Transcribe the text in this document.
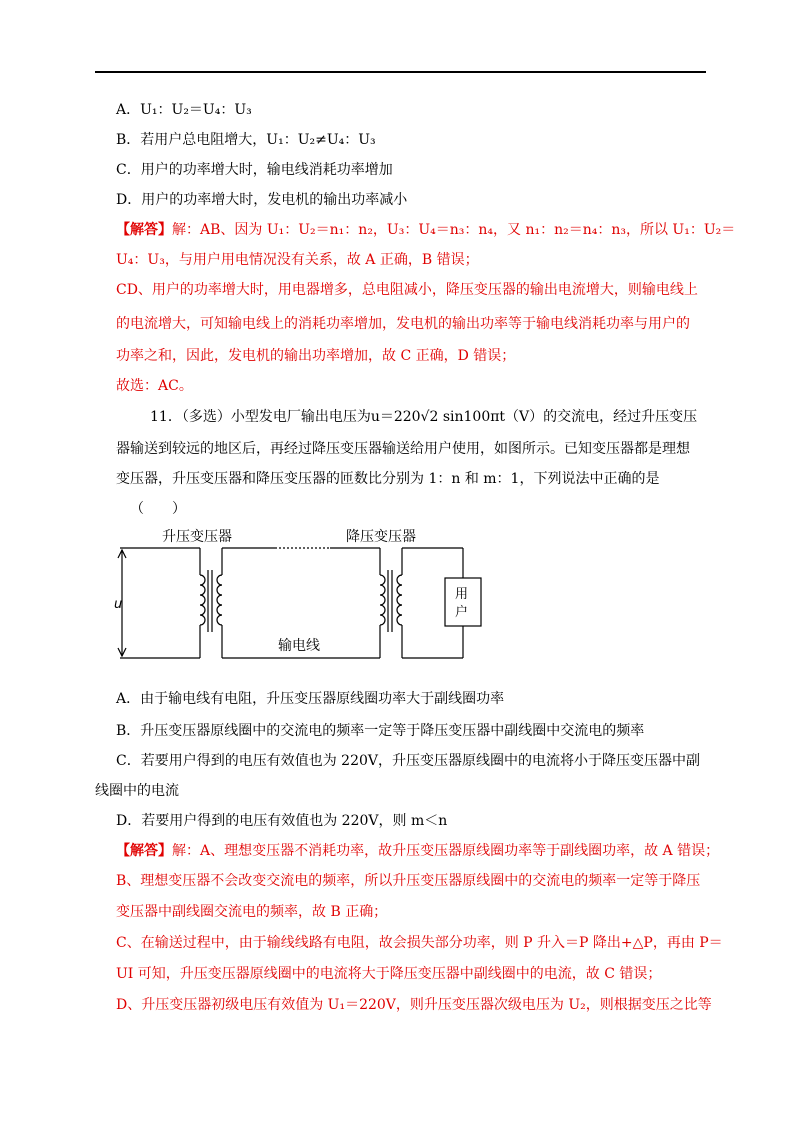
A．U₁：U₂＝U₄：U₃
B．若用户总电阻增大，U₁：U₂≠U₄：U₃
C．用户的功率增大时，输电线消耗功率增加
D．用户的功率增大时，发电机的输出功率减小
【解答】解：AB、因为 U₁：U₂＝n₁：n₂，U₃：U₄＝n₃：n₄，又 n₁：n₂＝n₄：n₃，所以 U₁：U₂＝
U₄：U₃，与用户用电情况没有关系，故 A 正确，B 错误；
CD、用户的功率增大时，用电器增多，总电阻减小，降压变压器的输出电流增大，则输电线上
的电流增大，可知输电线上的消耗功率增加，发电机的输出功率等于输电线消耗功率与用户的
功率之和，因此，发电机的输出功率增加，故 C 正确，D 错误；
故选：AC。
11．（多选）小型发电厂输出电压为u＝220√2 sin100πt（V）的交流电，经过升压变压
器输送到较远的地区后，再经过降压变压器输送给用户使用，如图所示。已知变压器都是理想
变压器，升压变压器和降压变压器的匝数比分别为 1：n 和 m：1，下列说法中正确的是
（　　）
升压变压器	降压变压器
u
输电线
用
户
A．由于输电线有电阻，升压变压器原线圈功率大于副线圈功率
B．升压变压器原线圈中的交流电的频率一定等于降压变压器中副线圈中交流电的频率
C．若要用户得到的电压有效值也为 220V，升压变压器原线圈中的电流将小于降压变压器中副
线圈中的电流
D．若要用户得到的电压有效值也为 220V，则 m＜n
【解答】解：A、理想变压器不消耗功率，故升压变压器原线圈功率等于副线圈功率，故 A 错误；
B、理想变压器不会改变交流电的频率，所以升压变压器原线圈中的交流电的频率一定等于降压
变压器中副线圈交流电的频率，故 B 正确；
C、在输送过程中，由于输线线路有电阻，故会损失部分功率，则 P 升入＝P 降出+△P，再由 P＝
UI 可知，升压变压器原线圈中的电流将大于降压变压器中副线圈中的电流，故 C 错误；
D、升压变压器初级电压有效值为 U₁＝220V，则升压变压器次级电压为 U₂，则根据变压之比等
